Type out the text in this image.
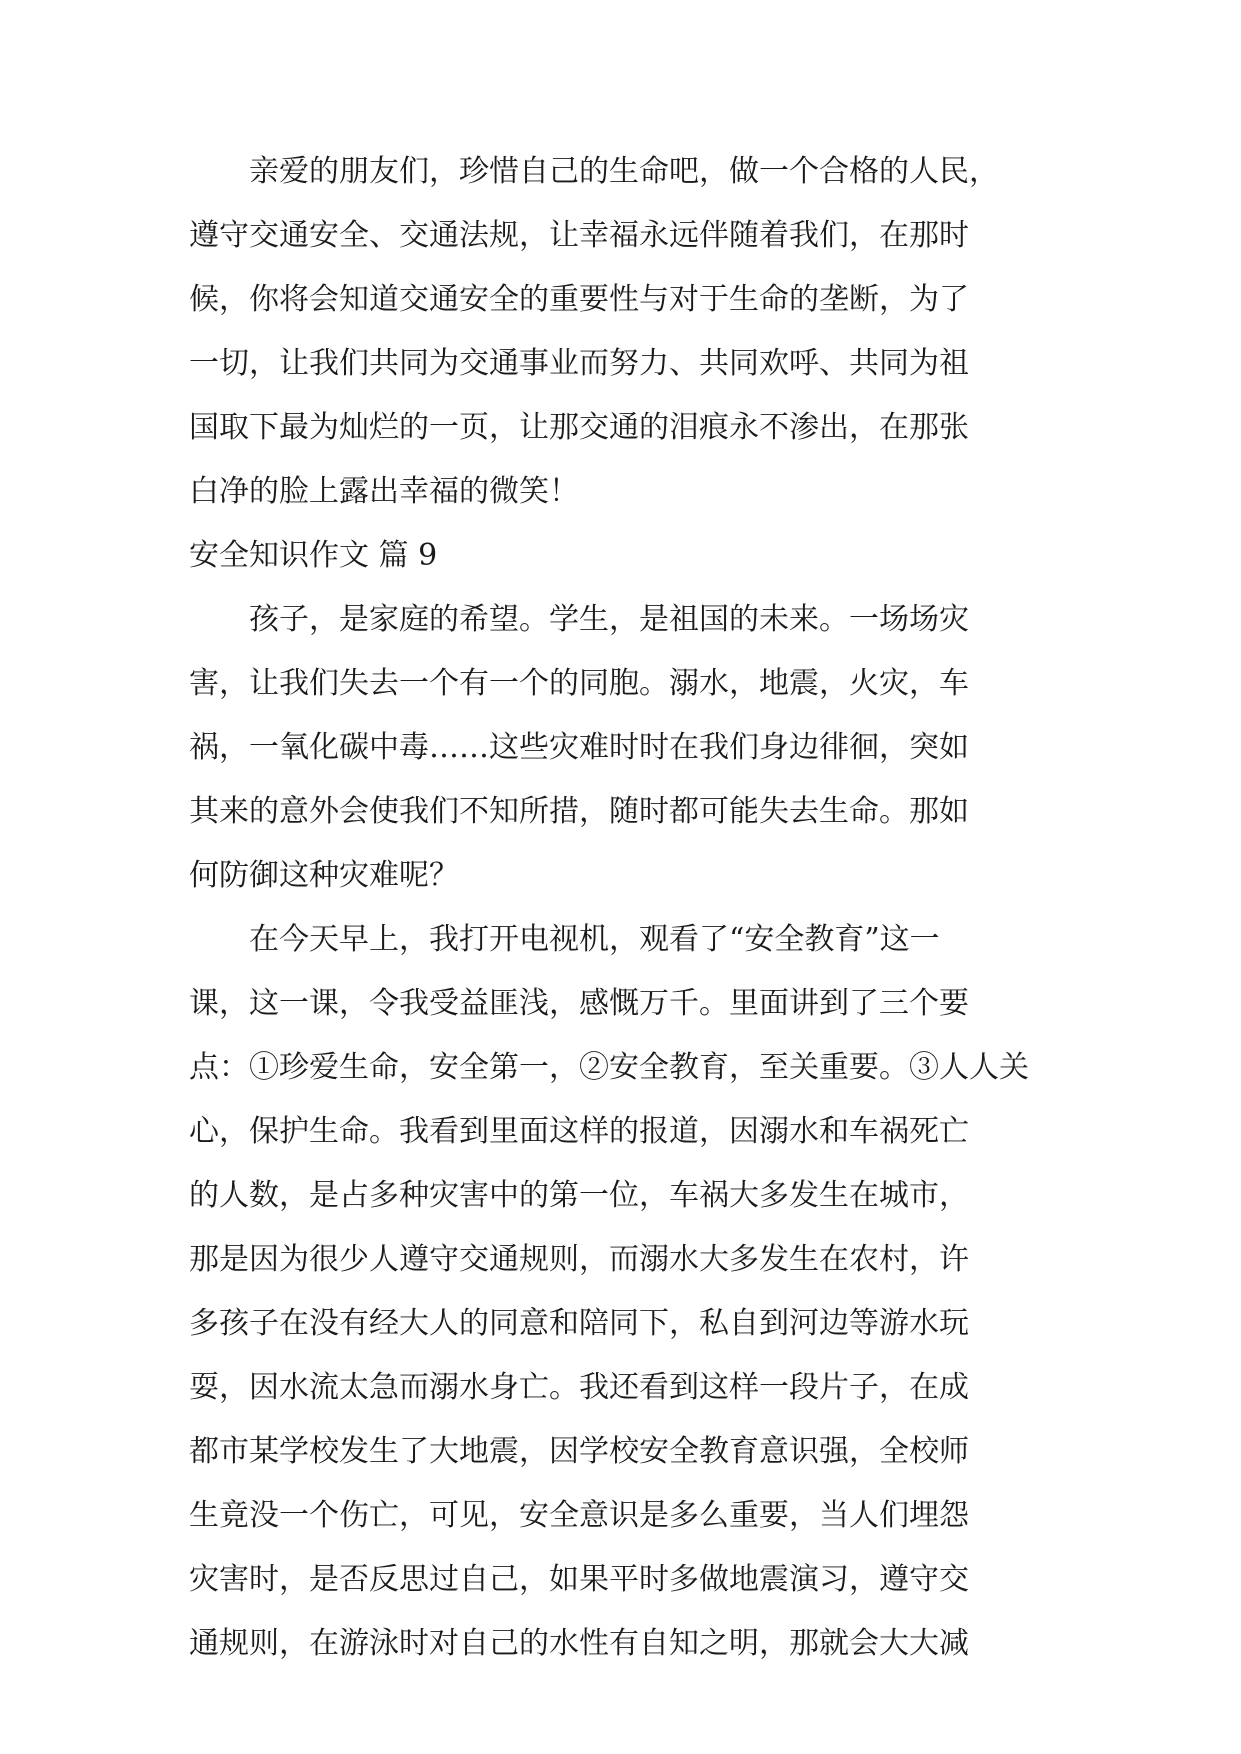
亲爱的朋友们，珍惜自己的生命吧，做一个合格的人民，

遵守交通安全、交通法规，让幸福永远伴随着我们，在那时

候，你将会知道交通安全的重要性与对于生命的垄断，为了

一切，让我们共同为交通事业而努力、共同欢呼、共同为祖

国取下最为灿烂的一页，让那交通的泪痕永不渗出，在那张

白净的脸上露出幸福的微笑！

安全知识作文 篇 9

孩子，是家庭的希望。学生，是祖国的未来。一场场灾

害，让我们失去一个有一个的同胞。溺水，地震，火灾，车

祸，一氧化碳中毒……这些灾难时时在我们身边徘徊，突如

其来的意外会使我们不知所措，随时都可能失去生命。那如

何防御这种灾难呢？

在今天早上，我打开电视机，观看了“安全教育”这一

课，这一课，令我受益匪浅，感慨万千。里面讲到了三个要

点：①珍爱生命，安全第一，②安全教育，至关重要。③人人关

心，保护生命。我看到里面这样的报道，因溺水和车祸死亡

的人数，是占多种灾害中的第一位，车祸大多发生在城市，

那是因为很少人遵守交通规则，而溺水大多发生在农村，许

多孩子在没有经大人的同意和陪同下，私自到河边等游水玩

耍，因水流太急而溺水身亡。我还看到这样一段片子，在成

都市某学校发生了大地震，因学校安全教育意识强，全校师

生竟没一个伤亡，可见，安全意识是多么重要，当人们埋怨

灾害时，是否反思过自己，如果平时多做地震演习，遵守交

通规则，在游泳时对自己的水性有自知之明，那就会大大减
